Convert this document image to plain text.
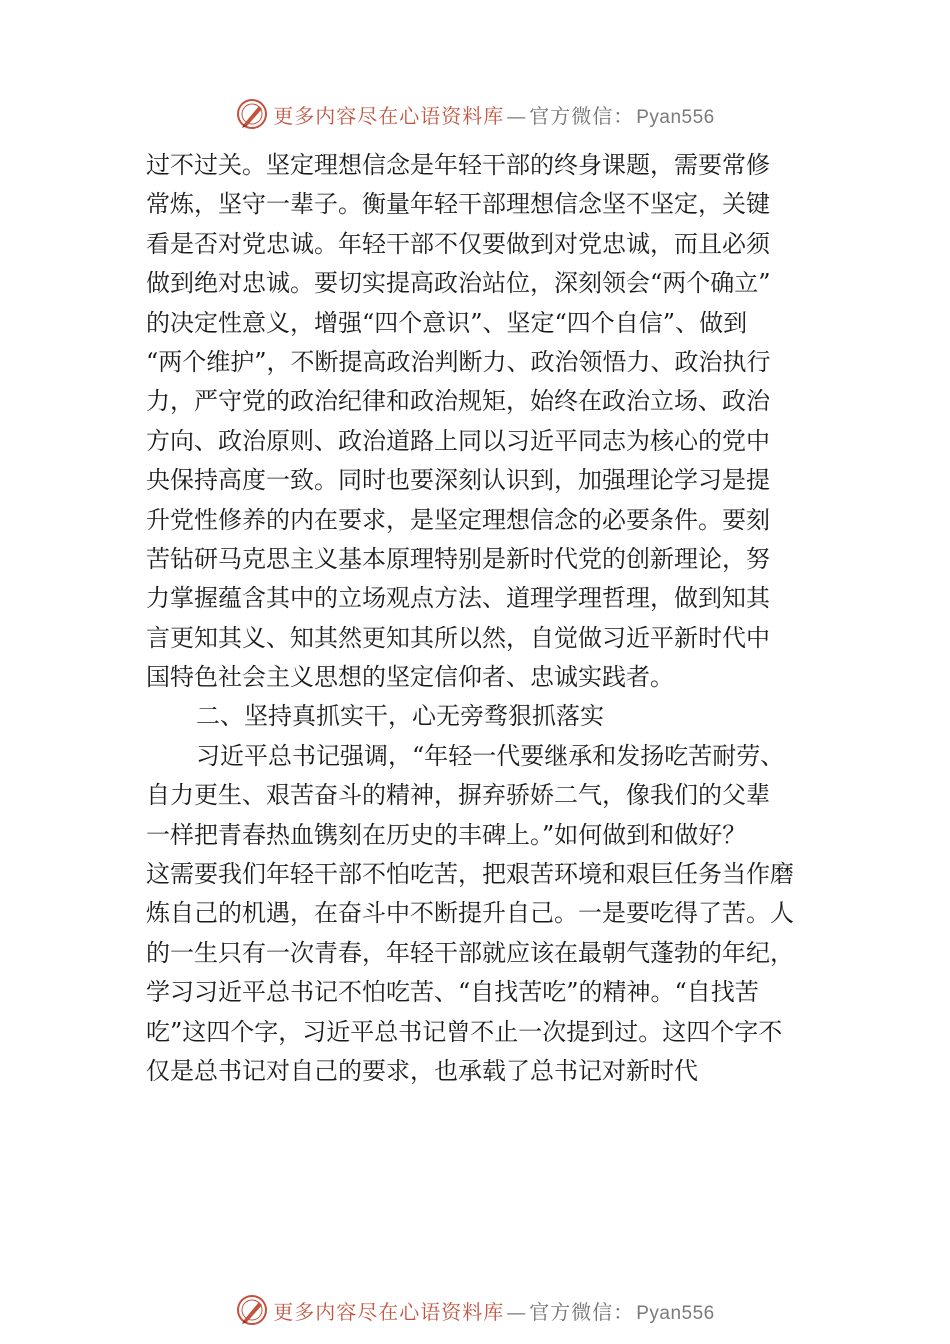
更多内容尽在心语资料库 — 官方微信： Pyan556
过不过关。坚定理想信念是年轻干部的终身课题，需要常修
常炼，坚守一辈子。衡量年轻干部理想信念坚不坚定，关键
看是否对党忠诚。年轻干部不仅要做到对党忠诚，而且必须
做到绝对忠诚。要切实提高政治站位，深刻领会“两个确立”
的决定性意义，增强“四个意识”、坚定“四个自信”、做到
“两个维护”，不断提高政治判断力、政治领悟力、政治执行
力，严守党的政治纪律和政治规矩，始终在政治立场、政治
方向、政治原则、政治道路上同以习近平同志为核心的党中
央保持高度一致。同时也要深刻认识到，加强理论学习是提
升党性修养的内在要求，是坚定理想信念的必要条件。要刻
苦钻研马克思主义基本原理特别是新时代党的创新理论，努
力掌握蕴含其中的立场观点方法、道理学理哲理，做到知其
言更知其义、知其然更知其所以然，自觉做习近平新时代中
国特色社会主义思想的坚定信仰者、忠诚实践者。
二、坚持真抓实干，心无旁骛狠抓落实
习近平总书记强调，“年轻一代要继承和发扬吃苦耐劳、
自力更生、艰苦奋斗的精神，摒弃骄娇二气，像我们的父辈
一样把青春热血镌刻在历史的丰碑上。”如何做到和做好？
这需要我们年轻干部不怕吃苦，把艰苦环境和艰巨任务当作磨
炼自己的机遇，在奋斗中不断提升自己。一是要吃得了苦。人
的一生只有一次青春，年轻干部就应该在最朝气蓬勃的年纪，
学习习近平总书记不怕吃苦、“自找苦吃”的精神。“自找苦
吃”这四个字，习近平总书记曾不止一次提到过。这四个字不
仅是总书记对自己的要求，也承载了总书记对新时代
更多内容尽在心语资料库 — 官方微信： Pyan556
